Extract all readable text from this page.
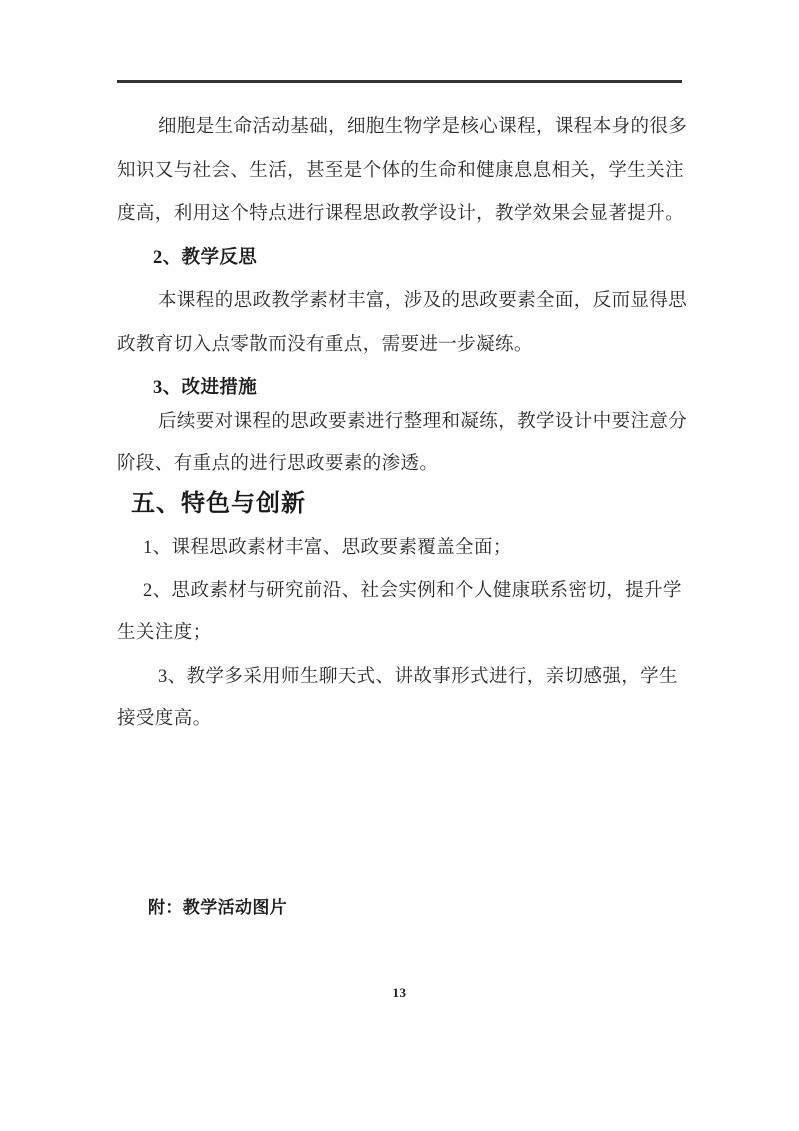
细胞是生命活动基础，细胞生物学是核心课程，课程本身的很多
知识又与社会、生活，甚至是个体的生命和健康息息相关，学生关注
度高，利用这个特点进行课程思政教学设计，教学效果会显著提升。
2、教学反思
本课程的思政教学素材丰富，涉及的思政要素全面，反而显得思
政教育切入点零散而没有重点，需要进一步凝练。
3、改进措施
后续要对课程的思政要素进行整理和凝练，教学设计中要注意分
阶段、有重点的进行思政要素的渗透。
五、特色与创新
1、课程思政素材丰富、思政要素覆盖全面；
2、思政素材与研究前沿、社会实例和个人健康联系密切，提升学
生关注度；
3、教学多采用师生聊天式、讲故事形式进行，亲切感强，学生
接受度高。
附：教学活动图片
13
